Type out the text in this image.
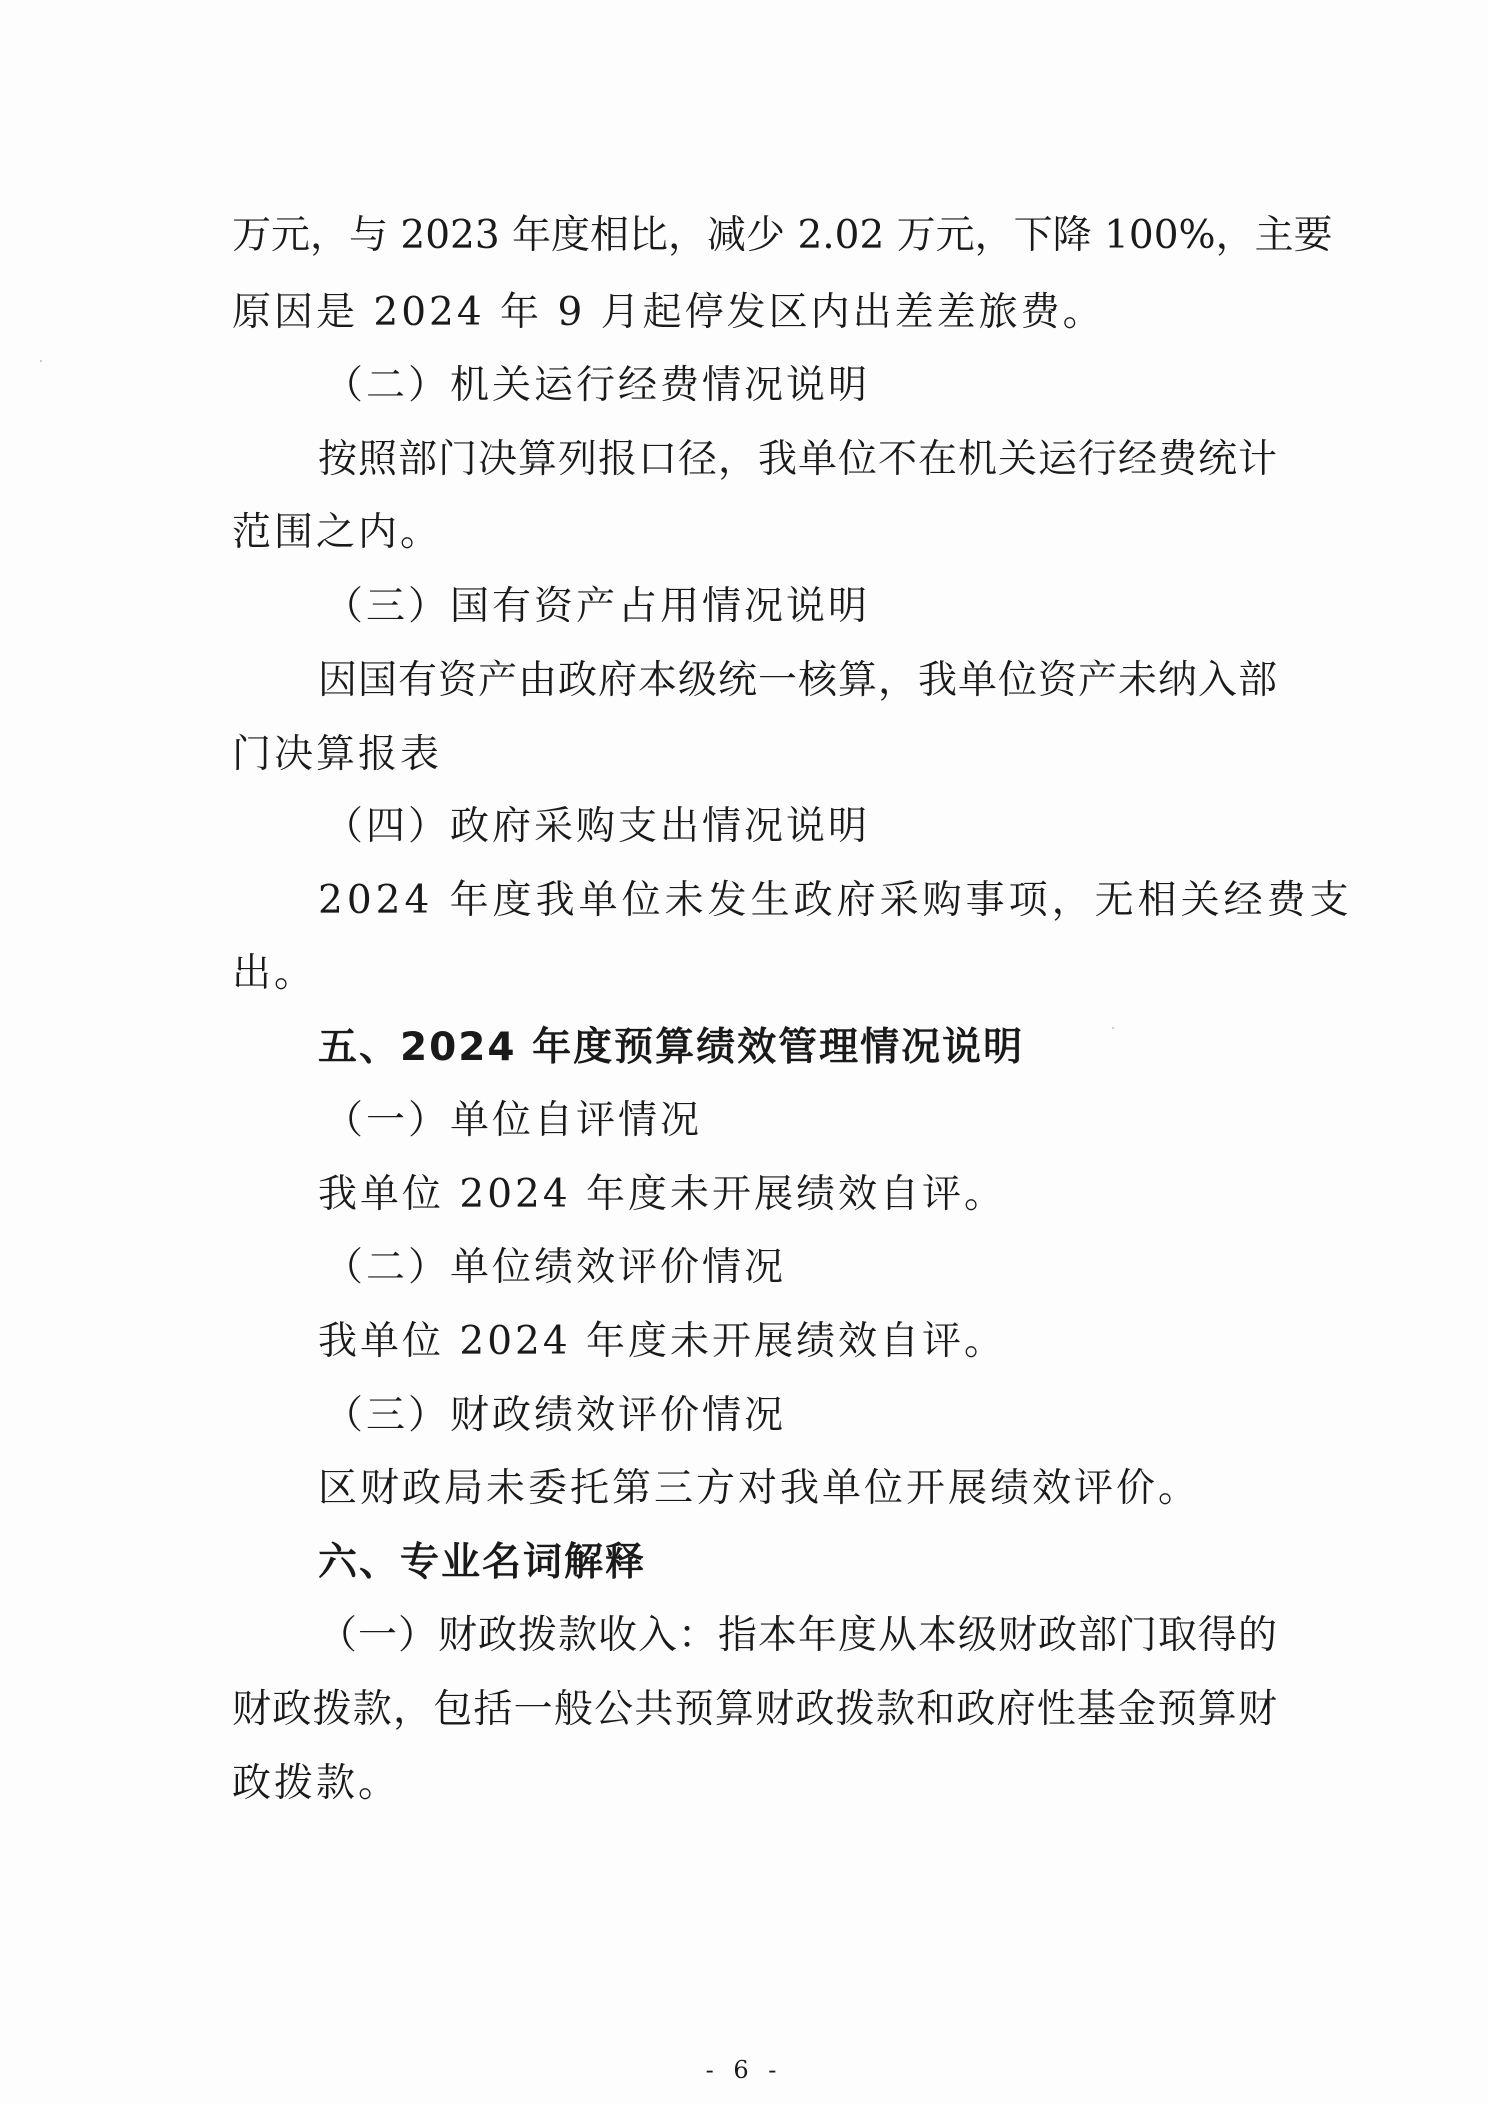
万元，与 2023 年度相比，减少 2.02 万元，下降 100%，主要
原因是 2024 年 9 月起停发区内出差差旅费。
（二）机关运行经费情况说明
按照部门决算列报口径，我单位不在机关运行经费统计
范围之内。
（三）国有资产占用情况说明
因国有资产由政府本级统一核算，我单位资产未纳入部
门决算报表
（四）政府采购支出情况说明
2024 年度我单位未发生政府采购事项，无相关经费支
出。
五、2024 年度预算绩效管理情况说明
（一）单位自评情况
我单位 2024 年度未开展绩效自评。
（二）单位绩效评价情况
我单位 2024 年度未开展绩效自评。
（三）财政绩效评价情况
区财政局未委托第三方对我单位开展绩效评价。
六、专业名词解释
（一）财政拨款收入：指本年度从本级财政部门取得的
财政拨款，包括一般公共预算财政拨款和政府性基金预算财
政拨款。
- 6 -
